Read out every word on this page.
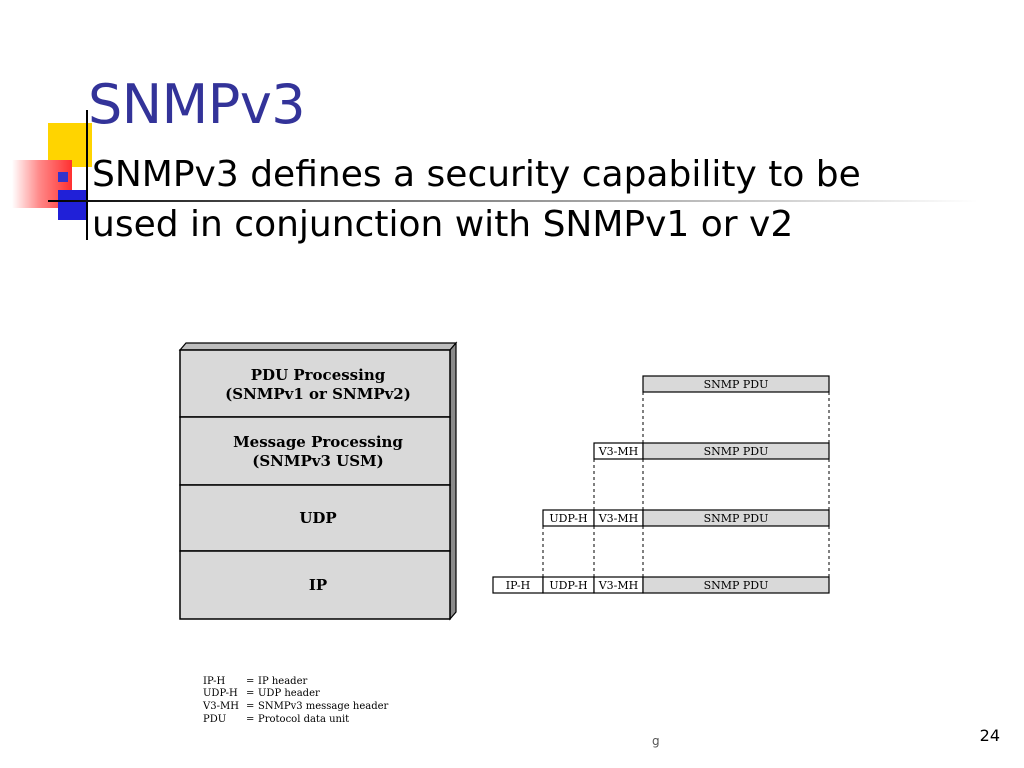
SNMPv3
SNMPv3 defines a security capability to be
used in conjunction with SNMPv1 or v2
PDU Processing
(SNMPv1 or SNMPv2)
Message Processing
(SNMPv3 USM)
UDP
IP
SNMP PDU
V3-MH	SNMP PDU
UDP-H V3-MH	SNMP PDU
IP-H UDP-H V3-MH	SNMP PDU
IP-H = IP header
UDP-H = UDP header
V3-MH = SNMPv3 message header
PDU = Protocol data unit
g	24
